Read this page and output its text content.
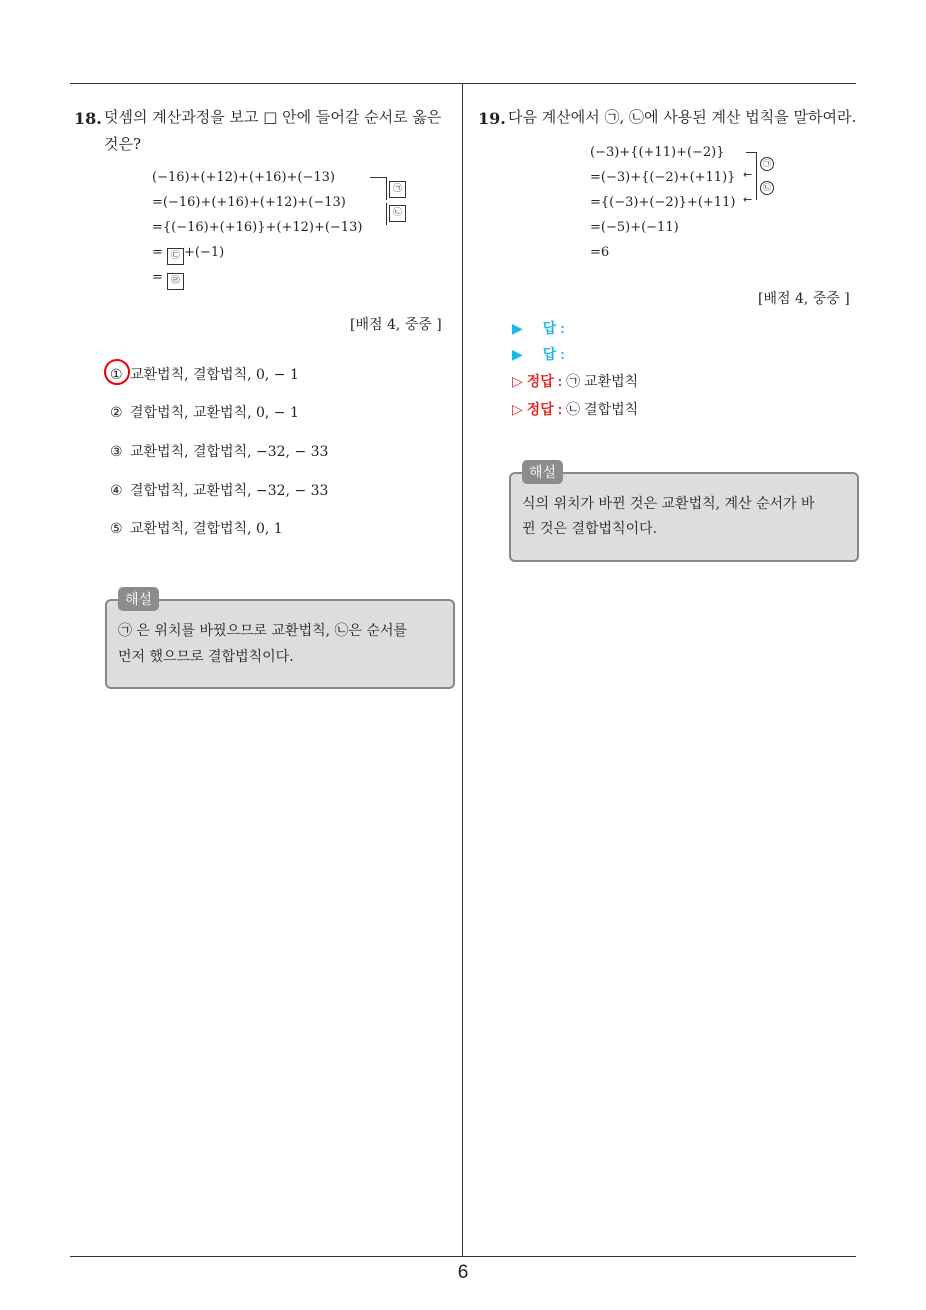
18. 덧셈의 계산과정을 보고 □ 안에 들어갈 순서로 옳은
것은?
(−16)+(+12)+(+16)+(−13)
=(−16)+(+16)+(+12)+(−13)
={(−16)+(+16)}+(+12)+(−13)
= ㉢ +(−1)
= ㉣
㉠
㉡
[배점 4, 중중 ]
① 교환법칙, 결합법칙, 0, − 1
② 결합법칙, 교환법칙, 0, − 1
③ 교환법칙, 결합법칙, −32, − 33
④ 결합법칙, 교환법칙, −32, − 33
⑤ 교환법칙, 결합법칙, 0, 1
해설
㉠ 은 위치를 바꿨으므로 교환법칙, ㉡은 순서를
먼저 했으므로 결합법칙이다.
19. 다음 계산에서 ㉠, ㉡에 사용된 계산 법칙을 말하여라.
(−3)+{(+11)+(−2)}
=(−3)+{(−2)+(+11)}
={(−3)+(−2)}+(+11)
=(−5)+(−11)
=6
←
←
㉠
㉡
[배점 4, 중중 ]
▶ 답 :
▶ 답 :
▷ 정답 : ㉠ 교환법칙
▷ 정답 : ㉡ 결합법칙
해설
식의 위치가 바뀐 것은 교환법칙, 계산 순서가 바
뀐 것은 결합법칙이다.
6
